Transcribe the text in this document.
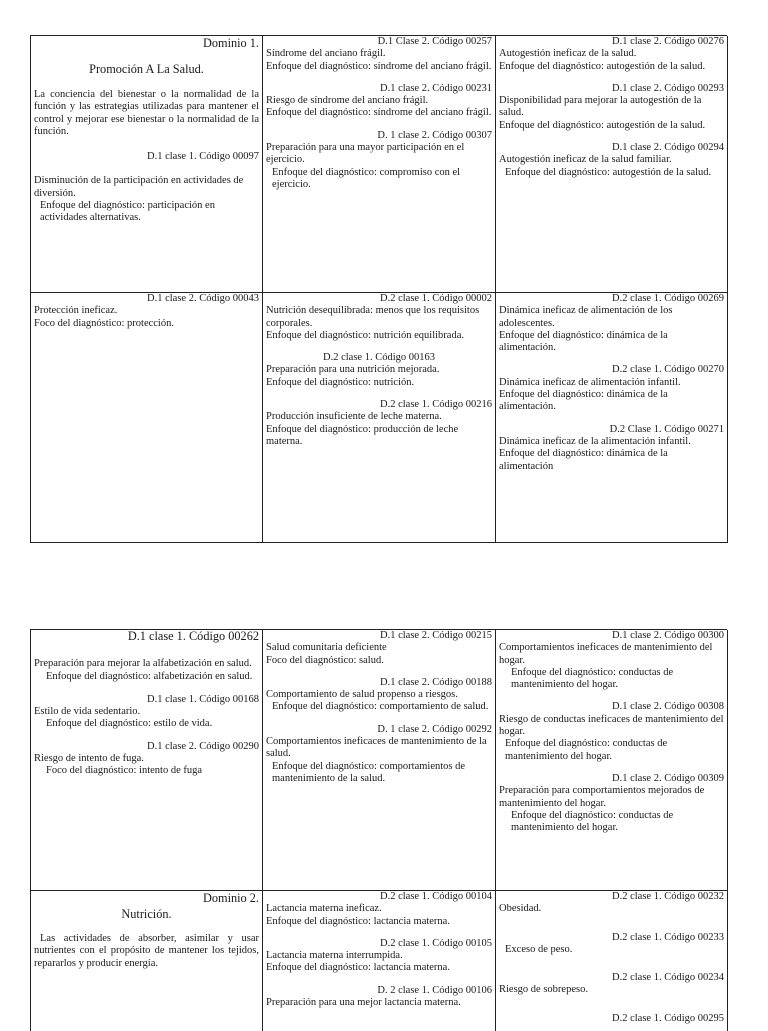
Dominio 1.
Promoción A La Salud.
La conciencia del bienestar o la normalidad de la función y las estrategias utilizadas para mantener el control y mejorar ese bienestar o la normalidad de la función.
D.1 clase 1. Código 00097
Disminución de la participación en actividades de diversión.
Enfoque del diagnóstico: participación en actividades alternativas.
D.1 Clase 2. Código 00257
Síndrome del anciano frágil.
Enfoque del diagnóstico: síndrome del anciano frágil.
D.1 clase 2. Código 00231
Riesgo de síndrome del anciano frágil.
Enfoque del diagnóstico: síndrome del anciano frágil.
D. 1 clase 2. Código 00307
Preparación para una mayor participación en el ejercicio.
Enfoque del diagnóstico: compromiso con el ejercicio.
D.1 clase 2. Código 00276
Autogestión ineficaz de la salud.
Enfoque del diagnóstico: autogestión de la salud.
D.1 clase 2. Código 00293
Disponibilidad para mejorar la autogestión de la salud.
Enfoque del diagnóstico: autogestión de la salud.
D.1 clase 2. Código 00294
Autogestión ineficaz de la salud familiar.
Enfoque del diagnóstico: autogestión de la salud.
D.1 clase 2. Código 00043
Protección ineficaz.
Foco del diagnóstico: protección.
D.2 clase 1. Código 00002
Nutrición desequilibrada: menos que los requisitos corporales.
Enfoque del diagnóstico: nutrición equilibrada.
D.2 clase 1. Código 00163
Preparación para una nutrición mejorada.
Enfoque del diagnóstico: nutrición.
D.2 clase 1. Código 00216
Producción insuficiente de leche materna.
Enfoque del diagnóstico: producción de leche materna.
D.2 clase 1. Código 00269
Dinámica ineficaz de alimentación de los adolescentes.
Enfoque del diagnóstico: dinámica de la alimentación.
D.2 clase 1. Código 00270
Dinámica ineficaz de alimentación infantil.
Enfoque del diagnóstico: dinámica de la alimentación.
D.2 Clase 1. Código 00271
Dinámica ineficaz de la alimentación infantil.
Enfoque del diagnóstico: dinámica de la alimentación
D.1 clase 1. Código 00262
Preparación para mejorar la alfabetización en salud.
Enfoque del diagnóstico: alfabetización en salud.
D.1 clase 1. Código 00168
Estilo de vida sedentario.
Enfoque del diagnóstico: estilo de vida.
D.1 clase 2. Código 00290
Riesgo de intento de fuga.
Foco del diagnóstico: intento de fuga
D.1 clase 2. Código 00215
Salud comunitaria deficiente
Foco del diagnóstico: salud.
D.1 clase 2. Código 00188
Comportamiento de salud propenso a riesgos.
Enfoque del diagnóstico: comportamiento de salud.
D. 1 clase 2. Código 00292
Comportamientos ineficaces de mantenimiento de la salud.
Enfoque del diagnóstico: comportamientos de mantenimiento de la salud.
D.1 clase 2. Código 00300
Comportamientos ineficaces de mantenimiento del hogar.
Enfoque del diagnóstico: conductas de mantenimiento del hogar.
D.1 clase 2. Código 00308
Riesgo de conductas ineficaces de mantenimiento del hogar.
Enfoque del diagnóstico: conductas de mantenimiento del hogar.
D.1 clase 2. Código 00309
Preparación para comportamientos mejorados de mantenimiento del hogar.
Enfoque del diagnóstico: conductas de mantenimiento del hogar.
Dominio 2.
Nutrición.
Las actividades de absorber, asimilar y usar nutrientes con el propósito de mantener los tejidos, repararlos y producir energía.
D.2 clase 1. Código 00104
Lactancia materna ineficaz.
Enfoque del diagnóstico: lactancia materna.
D.2 clase 1. Código 00105
Lactancia materna interrumpida.
Enfoque del diagnóstico: lactancia materna.
D. 2 clase 1. Código 00106
Preparación para una mejor lactancia materna.
D.2 clase 1. Código 00232
Obesidad.
D.2 clase 1. Código 00233
Exceso de peso.
D.2 clase 1. Código 00234
Riesgo de sobrepeso.
D.2 clase 1. Código 00295
